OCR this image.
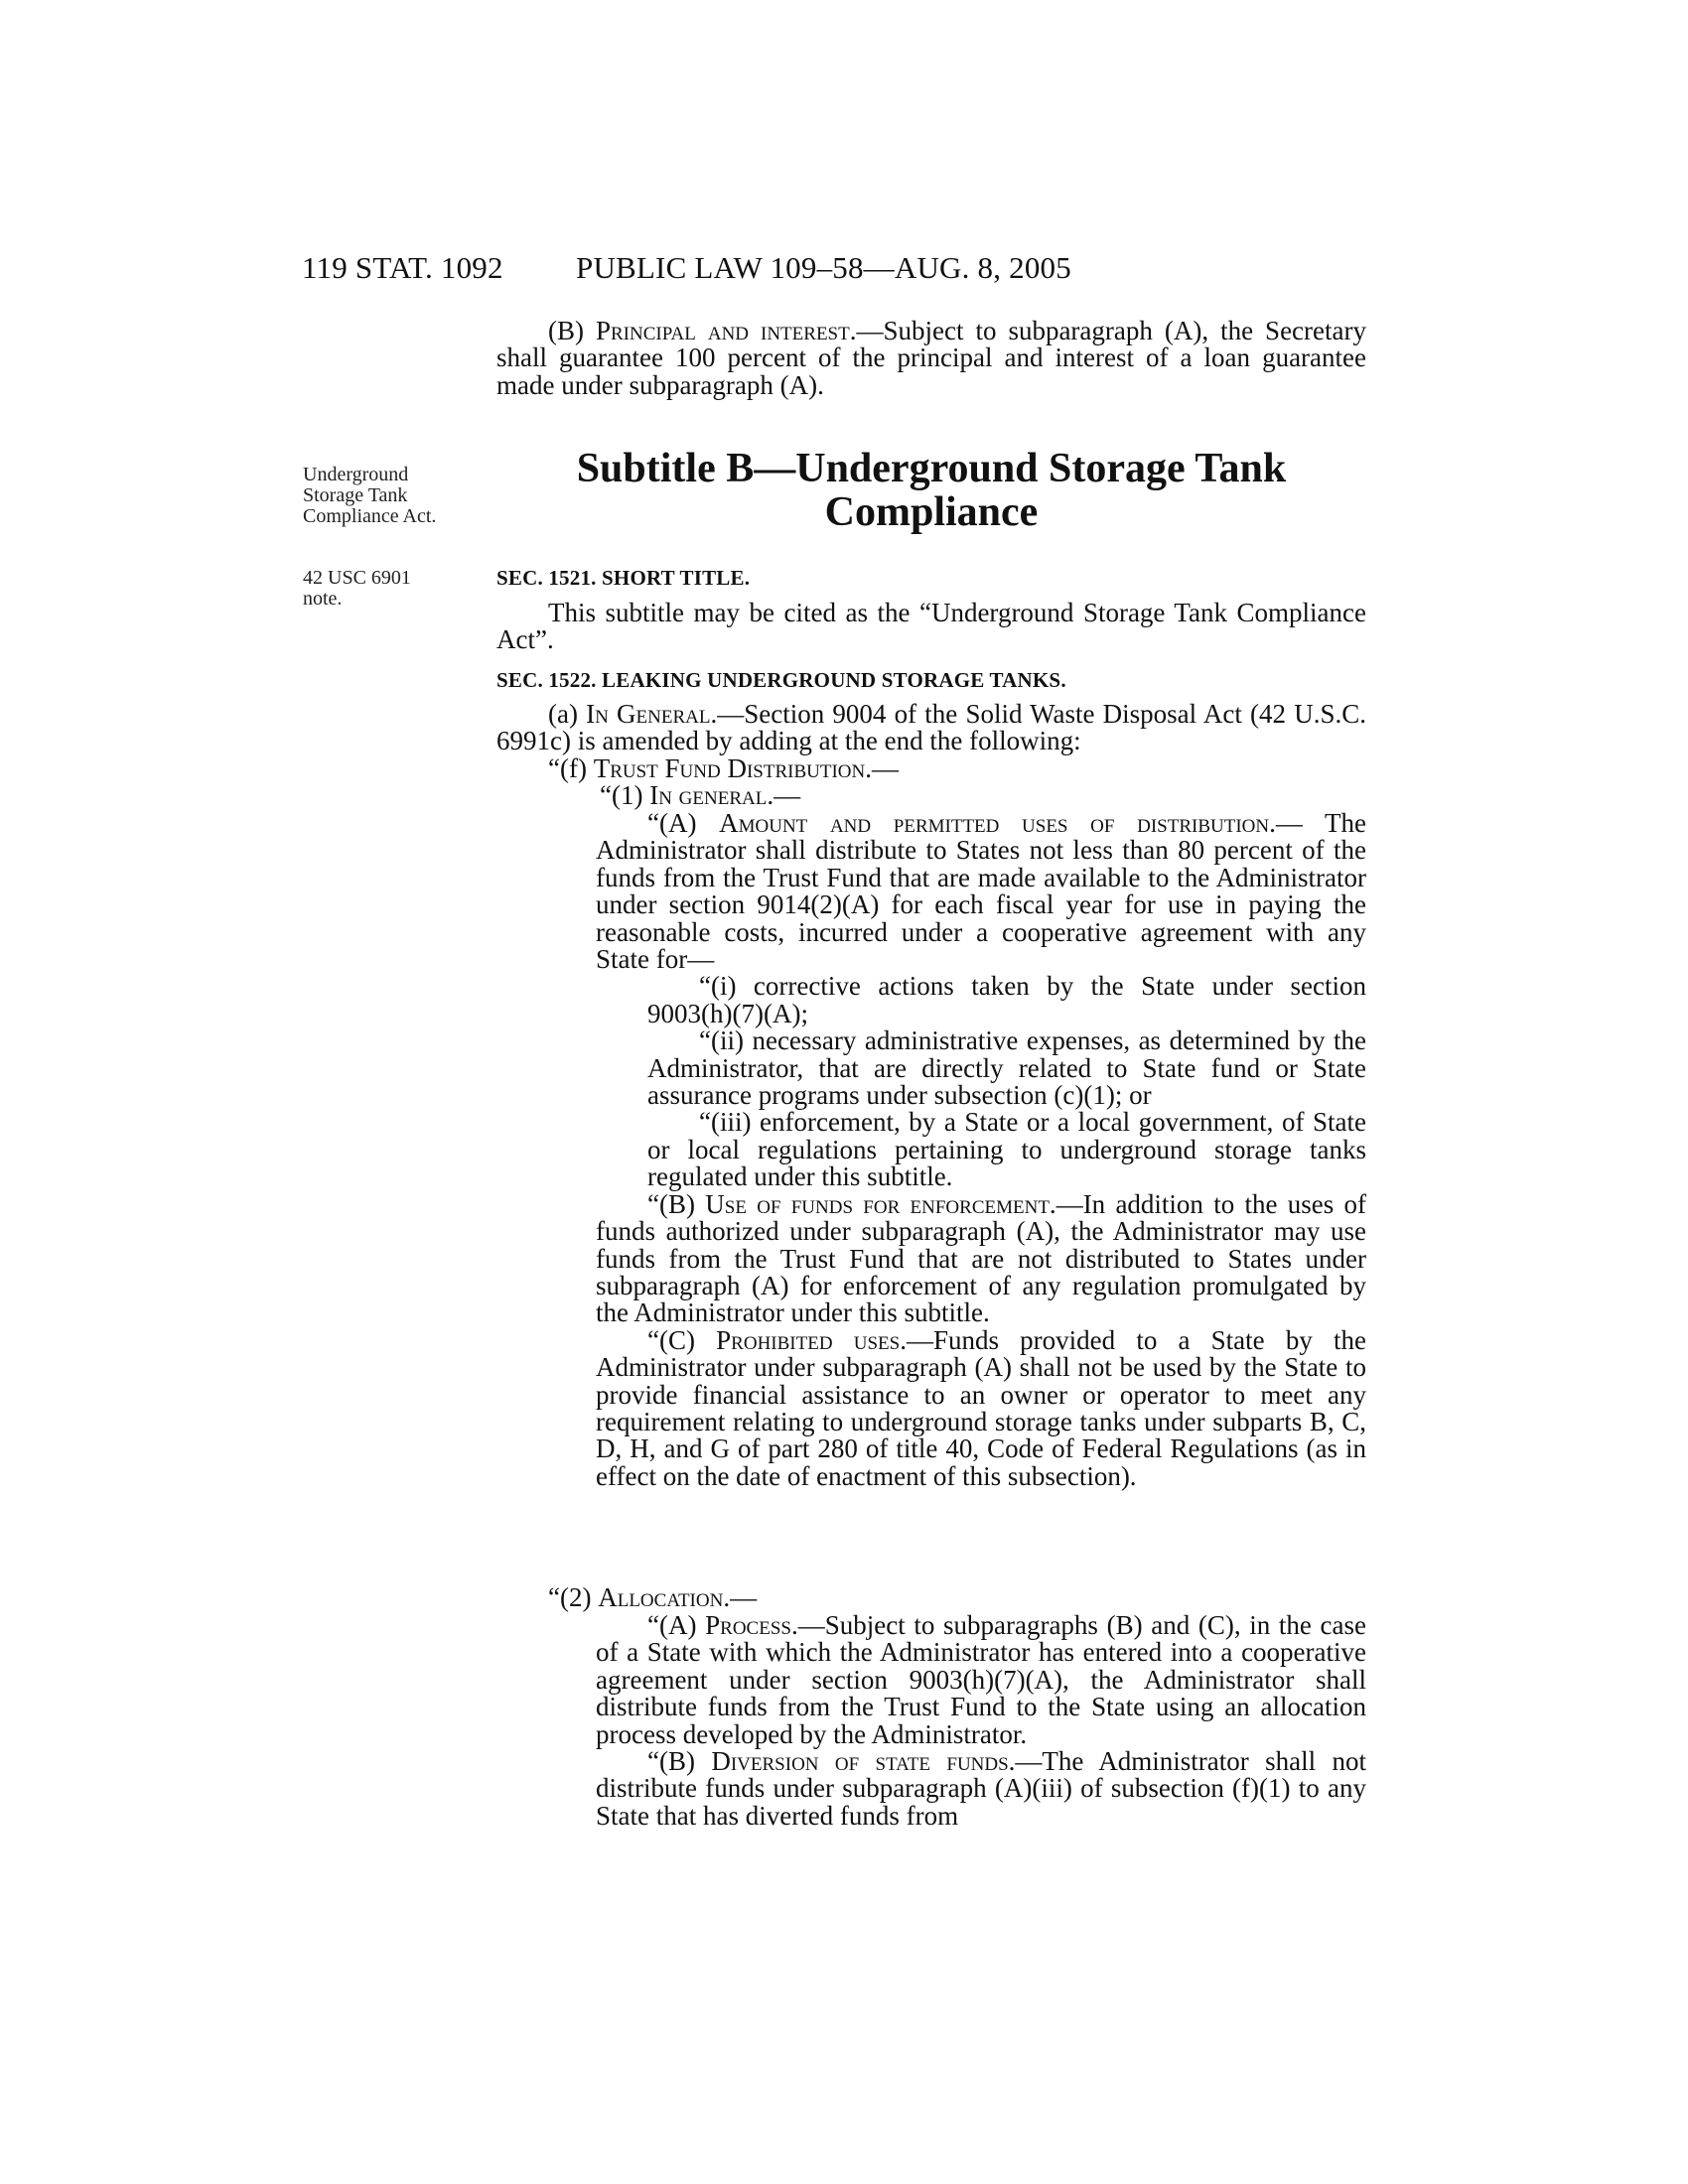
119 STAT. 1092 PUBLIC LAW 109–58—AUG. 8, 2005

(B) Principal and interest.—Subject to subparagraph (A), the Secretary shall guarantee 100 percent of the principal and interest of a loan guarantee made under subparagraph (A).

Underground Storage Tank Compliance Act.
Subtitle B—Underground Storage Tank
Compliance
42 USC 6901 note.
SEC. 1521. SHORT TITLE.

This subtitle may be cited as the “Underground Storage Tank Compliance Act”.

SEC. 1522. LEAKING UNDERGROUND STORAGE TANKS.

(a) In General.—Section 9004 of the Solid Waste Disposal Act (42 U.S.C. 6991c) is amended by adding at the end the following:

“(f) Trust Fund Distribution.—

“(1) In general.—

“(A) Amount and permitted uses of distribution.— The Administrator shall distribute to States not less than 80 percent of the funds from the Trust Fund that are made available to the Administrator under section 9014(2)(A) for each fiscal year for use in paying the reasonable costs, incurred under a cooperative agreement with any State for—

“(i) corrective actions taken by the State under section 9003(h)(7)(A);

“(ii) necessary administrative expenses, as determined by the Administrator, that are directly related to State fund or State assurance programs under subsection (c)(1); or

“(iii) enforcement, by a State or a local government, of State or local regulations pertaining to underground storage tanks regulated under this subtitle.

“(B) Use of funds for enforcement.—In addition to the uses of funds authorized under subparagraph (A), the Administrator may use funds from the Trust Fund that are not distributed to States under subparagraph (A) for enforcement of any regulation promulgated by the Administrator under this subtitle.

“(C) Prohibited uses.—Funds provided to a State by the Administrator under subparagraph (A) shall not be used by the State to provide financial assistance to an owner or operator to meet any requirement relating to underground storage tanks under subparts B, C, D, H, and G of part 280 of title 40, Code of Federal Regulations (as in effect on the date of enactment of this subsection).

“(2) Allocation.—

“(A) Process.—Subject to subparagraphs (B) and (C), in the case of a State with which the Administrator has entered into a cooperative agreement under section 9003(h)(7)(A), the Administrator shall distribute funds from the Trust Fund to the State using an allocation process developed by the Administrator.

“(B) Diversion of state funds.—The Administrator shall not distribute funds under subparagraph (A)(iii) of subsection (f)(1) to any State that has diverted funds from
